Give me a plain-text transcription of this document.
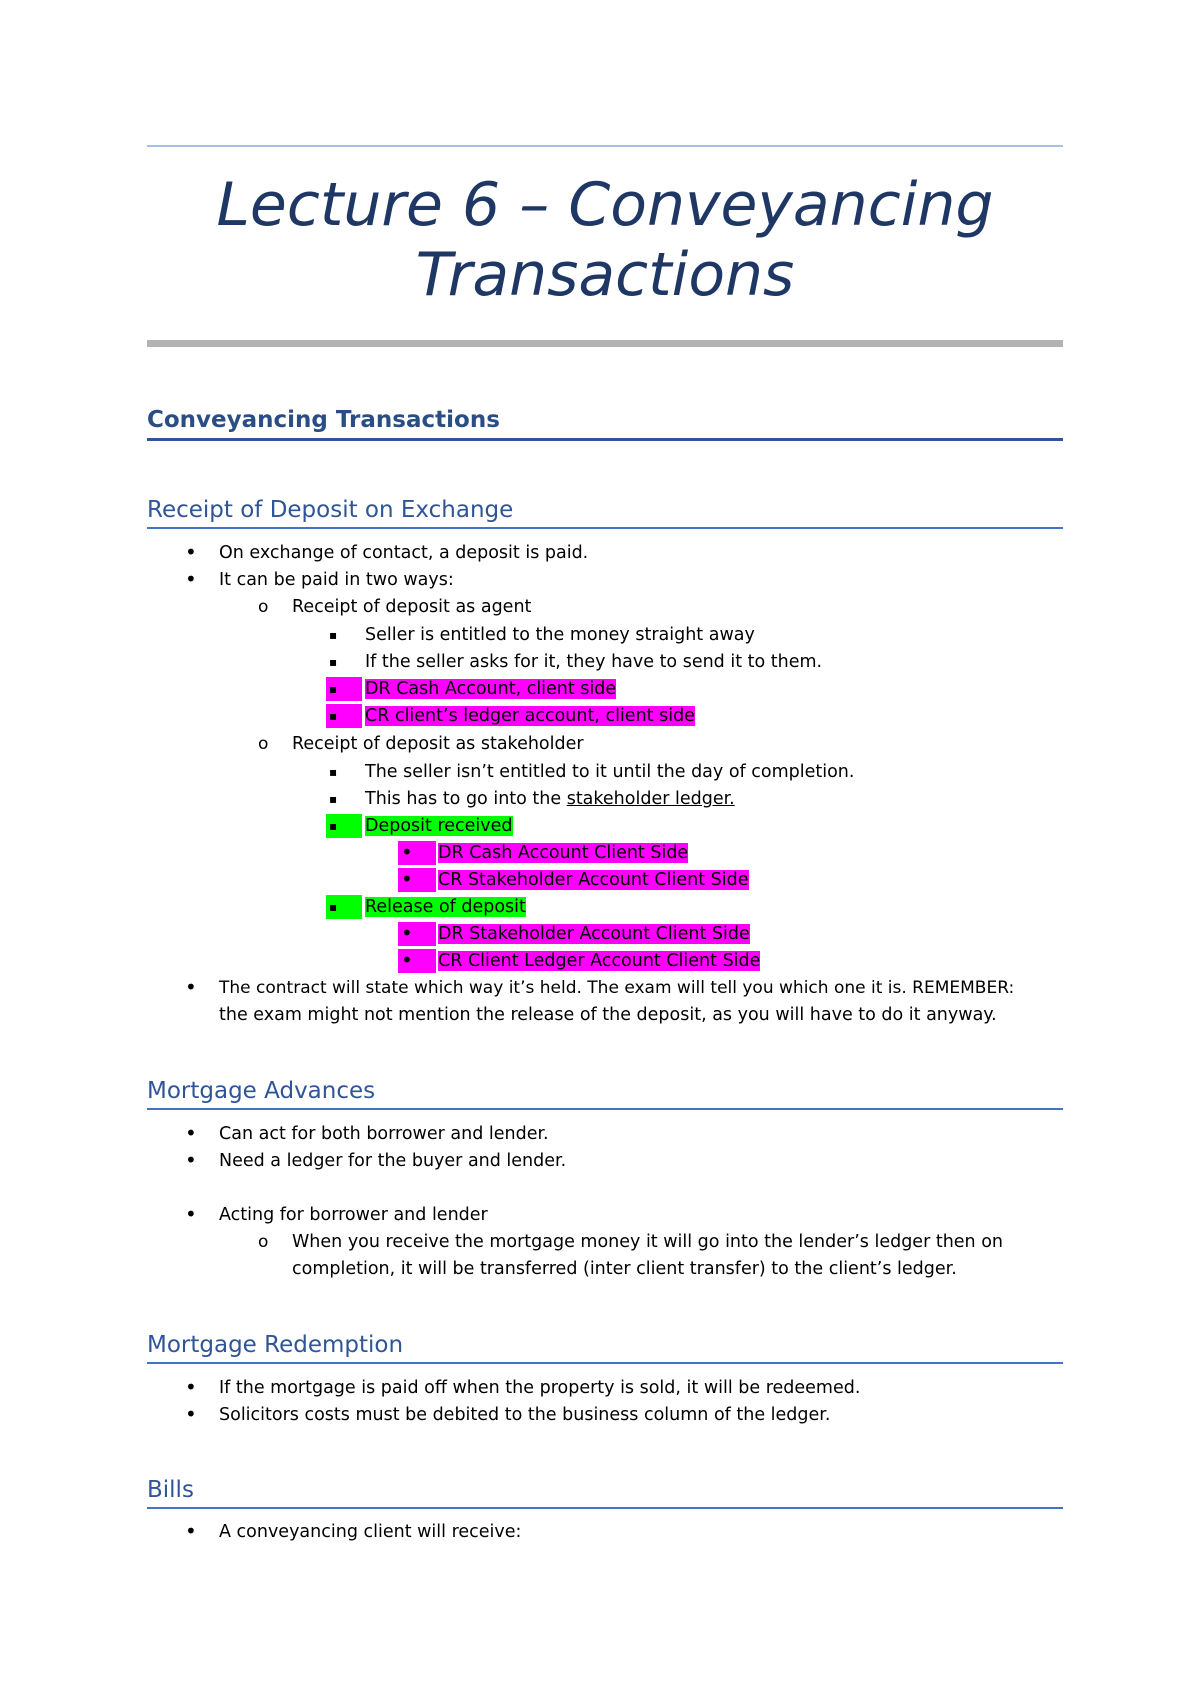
Lecture 6 – Conveyancing
Transactions
Conveyancing Transactions
Receipt of Deposit on Exchange
• On exchange of contact, a deposit is paid.
• It can be paid in two ways:
o Receipt of deposit as agent
▪ Seller is entitled to the money straight away
▪ If the seller asks for it, they have to send it to them.
▪ DR Cash Account, client side
▪ CR client’s ledger account, client side
o Receipt of deposit as stakeholder
▪ The seller isn’t entitled to it until the day of completion.
▪ This has to go into the stakeholder ledger.
▪ Deposit received
• DR Cash Account Client Side
• CR Stakeholder Account Client Side
▪ Release of deposit
• DR Stakeholder Account Client Side
• CR Client Ledger Account Client Side
• The contract will state which way it’s held. The exam will tell you which one it is. REMEMBER:
the exam might not mention the release of the deposit, as you will have to do it anyway.
Mortgage Advances
• Can act for both borrower and lender.
• Need a ledger for the buyer and lender.
• Acting for borrower and lender
o When you receive the mortgage money it will go into the lender’s ledger then on
completion, it will be transferred (inter client transfer) to the client’s ledger.
Mortgage Redemption
• If the mortgage is paid off when the property is sold, it will be redeemed.
• Solicitors costs must be debited to the business column of the ledger.
Bills
• A conveyancing client will receive:
